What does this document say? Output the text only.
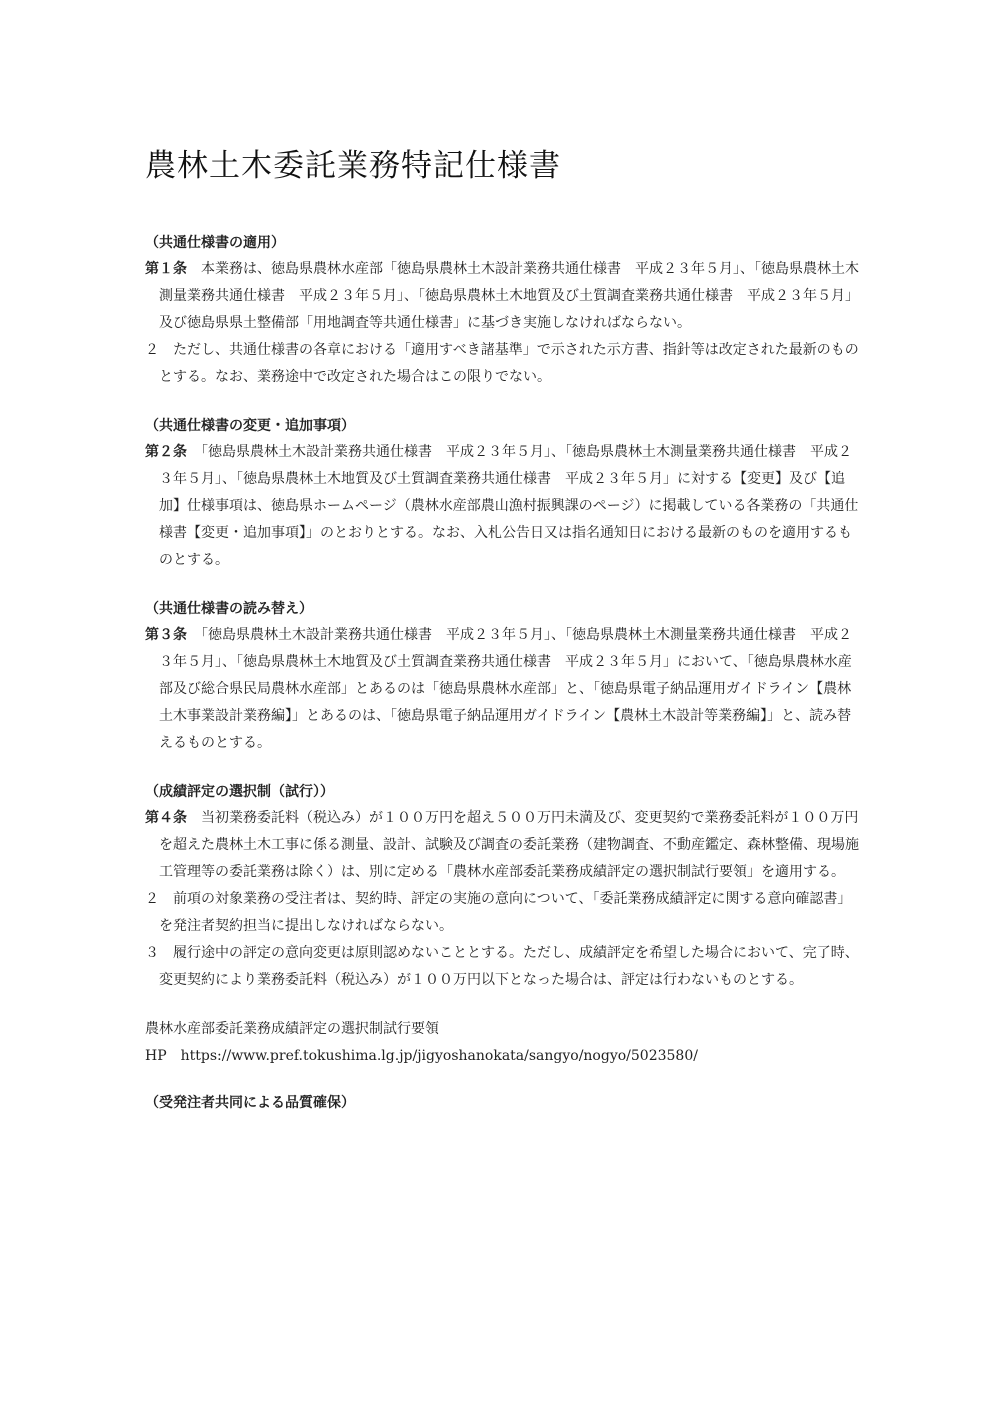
農林土木委託業務特記仕様書
（共通仕様書の適用）
第１条　本業務は、徳島県農林水産部「徳島県農林土木設計業務共通仕様書　平成２３年５月」、「徳島県農林土木測量業務共通仕様書　平成２３年５月」、「徳島県農林土木地質及び土質調査業務共通仕様書　平成２３年５月」及び徳島県県土整備部「用地調査等共通仕様書」に基づき実施しなければならない。
２　ただし、共通仕様書の各章における「適用すべき諸基準」で示された示方書、指針等は改定された最新のものとする。なお、業務途中で改定された場合はこの限りでない。
（共通仕様書の変更・追加事項）
第２条　「徳島県農林土木設計業務共通仕様書　平成２３年５月」、「徳島県農林土木測量業務共通仕様書　平成２３年５月」、「徳島県農林土木地質及び土質調査業務共通仕様書　平成２３年５月」に対する【変更】及び【追加】仕様事項は、徳島県ホームページ（農林水産部農山漁村振興課のページ）に掲載している各業務の「共通仕様書【変更・追加事項】」のとおりとする。なお、入札公告日又は指名通知日における最新のものを適用するものとする。
（共通仕様書の読み替え）
第３条　「徳島県農林土木設計業務共通仕様書　平成２３年５月」、「徳島県農林土木測量業務共通仕様書　平成２３年５月」、「徳島県農林土木地質及び土質調査業務共通仕様書　平成２３年５月」において、「徳島県農林水産部及び総合県民局農林水産部」とあるのは「徳島県農林水産部」と、「徳島県電子納品運用ガイドライン【農林土木事業設計業務編】」とあるのは、「徳島県電子納品運用ガイドライン【農林土木設計等業務編】」と、読み替えるものとする。
（成績評定の選択制（試行））
第４条　当初業務委託料（税込み）が１００万円を超え５００万円未満及び、変更契約で業務委託料が１００万円を超えた農林土木工事に係る測量、設計、試験及び調査の委託業務（建物調査、不動産鑑定、森林整備、現場施工管理等の委託業務は除く）は、別に定める「農林水産部委託業務成績評定の選択制試行要領」を適用する。
２　前項の対象業務の受注者は、契約時、評定の実施の意向について、「委託業務成績評定に関する意向確認書」を発注者契約担当に提出しなければならない。
３　履行途中の評定の意向変更は原則認めないこととする。ただし、成績評定を希望した場合において、完了時、変更契約により業務委託料（税込み）が１００万円以下となった場合は、評定は行わないものとする。
農林水産部委託業務成績評定の選択制試行要領
HP　https://www.pref.tokushima.lg.jp/jigyoshanokata/sangyo/nogyo/5023580/
（受発注者共同による品質確保）
